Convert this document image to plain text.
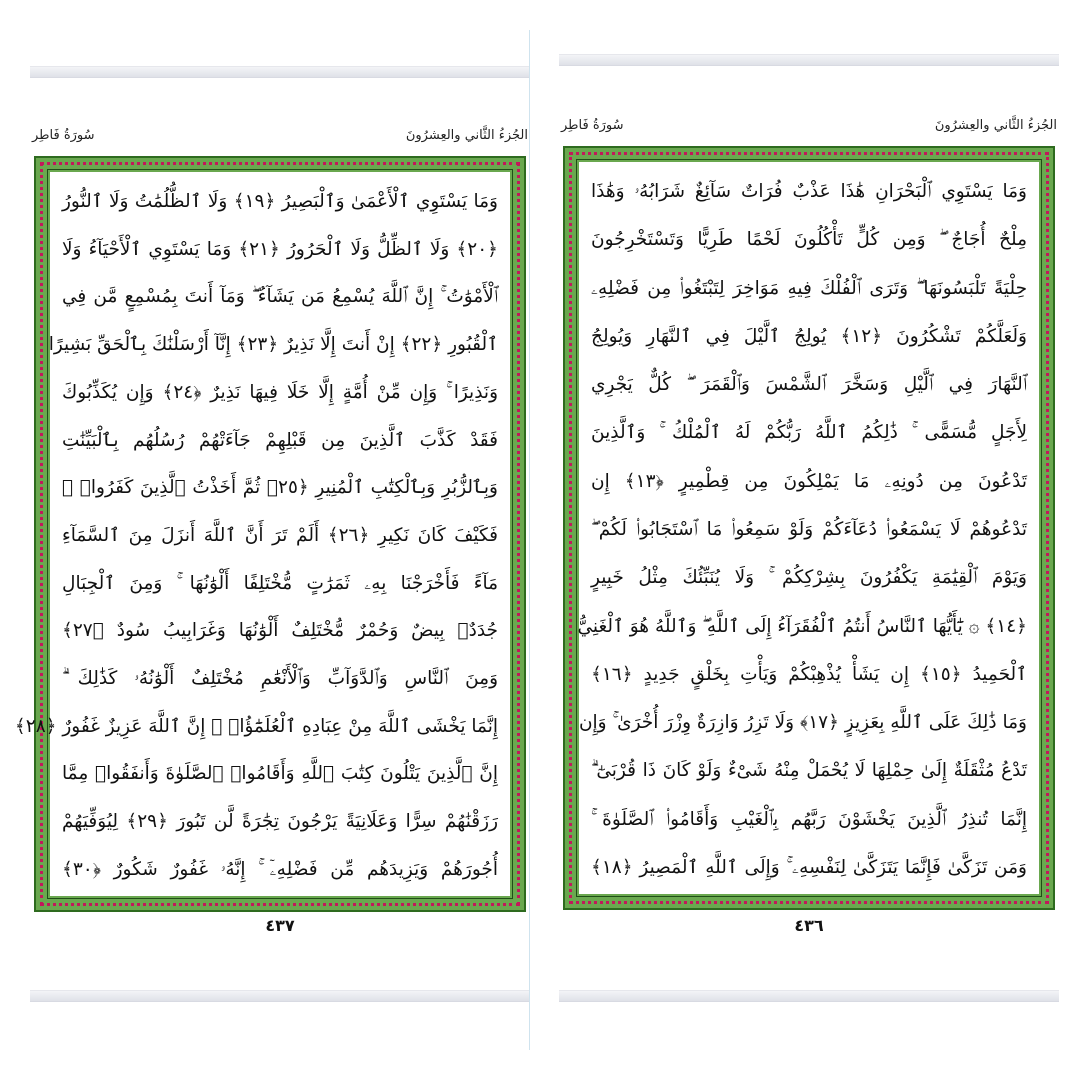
الجُزءُ الثَّاني والعِشرُونَ
سُورَةُ فَاطِر
وَمَا يَسْتَوِي ٱلْأَعْمَىٰ وَٱلْبَصِيرُ ﴿١٩﴾ وَلَا ٱلظُّلُمَٰتُ وَلَا ٱلنُّورُ
﴿٢٠﴾ وَلَا ٱلظِّلُّ وَلَا ٱلْحَرُورُ ﴿٢١﴾ وَمَا يَسْتَوِي ٱلْأَحْيَآءُ وَلَا
ٱلْأَمْوَٰتُ ۚ إِنَّ ٱللَّهَ يُسْمِعُ مَن يَشَآءُ ۖ وَمَآ أَنتَ بِمُسْمِعٍ مَّن فِي
ٱلْقُبُورِ ﴿٢٢﴾ إِنْ أَنتَ إِلَّا نَذِيرٌ ﴿٢٣﴾ إِنَّآ أَرْسَلْنَٰكَ بِٱلْحَقِّ بَشِيرًا
وَنَذِيرًا ۚ وَإِن مِّنْ أُمَّةٍ إِلَّا خَلَا فِيهَا نَذِيرٌ ﴿٢٤﴾ وَإِن يُكَذِّبُوكَ
فَقَدْ كَذَّبَ ٱلَّذِينَ مِن قَبْلِهِمْ جَآءَتْهُمْ رُسُلُهُم بِٱلْبَيِّنَٰتِ
وَبِٱلزُّبُرِ وَبِٱلْكِتَٰبِ ٱلْمُنِيرِ ﴿٢٥﴾ ثُمَّ أَخَذْتُ ٱلَّذِينَ كَفَرُوا۟ ۖ
فَكَيْفَ كَانَ نَكِيرِ ﴿٢٦﴾ أَلَمْ تَرَ أَنَّ ٱللَّهَ أَنزَلَ مِنَ ٱلسَّمَآءِ
مَآءً فَأَخْرَجْنَا بِهِۦ ثَمَرَٰتٍ مُّخْتَلِفًا أَلْوَٰنُهَا ۚ وَمِنَ ٱلْجِبَالِ
جُدَدٌۢ بِيضٌ وَحُمْرٌ مُّخْتَلِفٌ أَلْوَٰنُهَا وَغَرَابِيبُ سُودٌ ﴿٢٧﴾
وَمِنَ ٱلنَّاسِ وَٱلدَّوَآبِّ وَٱلْأَنْعَٰمِ مُخْتَلِفٌ أَلْوَٰنُهُۥ كَذَٰلِكَ ۗ
إِنَّمَا يَخْشَى ٱللَّهَ مِنْ عِبَادِهِ ٱلْعُلَمَٰٓؤُا۟ ۗ إِنَّ ٱللَّهَ عَزِيزٌ غَفُورٌ ﴿٢٨﴾
إِنَّ ٱلَّذِينَ يَتْلُونَ كِتَٰبَ ٱللَّهِ وَأَقَامُوا۟ ٱلصَّلَوٰةَ وَأَنفَقُوا۟ مِمَّا
رَزَقْنَٰهُمْ سِرًّا وَعَلَانِيَةً يَرْجُونَ تِجَٰرَةً لَّن تَبُورَ ﴿٢٩﴾ لِيُوَفِّيَهُمْ
أُجُورَهُمْ وَيَزِيدَهُم مِّن فَضْلِهِۦٓ ۚ إِنَّهُۥ غَفُورٌ شَكُورٌ ﴿٣٠﴾
٤٣٧
الجُزءُ الثَّاني والعِشرُونَ
سُورَةُ فَاطِر
وَمَا يَسْتَوِي ٱلْبَحْرَانِ هَٰذَا عَذْبٌ فُرَاتٌ سَآئِغٌ شَرَابُهُۥ وَهَٰذَا
مِلْحٌ أُجَاجٌ ۖ وَمِن كُلٍّ تَأْكُلُونَ لَحْمًا طَرِيًّا وَتَسْتَخْرِجُونَ
حِلْيَةً تَلْبَسُونَهَا ۖ وَتَرَى ٱلْفُلْكَ فِيهِ مَوَاخِرَ لِتَبْتَغُوا۟ مِن فَضْلِهِۦ
وَلَعَلَّكُمْ تَشْكُرُونَ ﴿١٢﴾ يُولِجُ ٱلَّيْلَ فِي ٱلنَّهَارِ وَيُولِجُ
ٱلنَّهَارَ فِي ٱلَّيْلِ وَسَخَّرَ ٱلشَّمْسَ وَٱلْقَمَرَ ۖ كُلٌّ يَجْرِي
لِأَجَلٍ مُّسَمًّى ۚ ذَٰلِكُمُ ٱللَّهُ رَبُّكُمْ لَهُ ٱلْمُلْكُ ۚ وَٱلَّذِينَ
تَدْعُونَ مِن دُونِهِۦ مَا يَمْلِكُونَ مِن قِطْمِيرٍ ﴿١٣﴾ إِن
تَدْعُوهُمْ لَا يَسْمَعُوا۟ دُعَآءَكُمْ وَلَوْ سَمِعُوا۟ مَا ٱسْتَجَابُوا۟ لَكُمْ ۖ
وَيَوْمَ ٱلْقِيَٰمَةِ يَكْفُرُونَ بِشِرْكِكُمْ ۚ وَلَا يُنَبِّئُكَ مِثْلُ خَبِيرٍ
﴿١٤﴾ ۞ يَٰٓأَيُّهَا ٱلنَّاسُ أَنتُمُ ٱلْفُقَرَآءُ إِلَى ٱللَّهِ ۖ وَٱللَّهُ هُوَ ٱلْغَنِيُّ
ٱلْحَمِيدُ ﴿١٥﴾ إِن يَشَأْ يُذْهِبْكُمْ وَيَأْتِ بِخَلْقٍ جَدِيدٍ ﴿١٦﴾
وَمَا ذَٰلِكَ عَلَى ٱللَّهِ بِعَزِيزٍ ﴿١٧﴾ وَلَا تَزِرُ وَازِرَةٌ وِزْرَ أُخْرَىٰ ۚ وَإِن
تَدْعُ مُثْقَلَةٌ إِلَىٰ حِمْلِهَا لَا يُحْمَلْ مِنْهُ شَىْءٌ وَلَوْ كَانَ ذَا قُرْبَىٰٓ ۗ
إِنَّمَا تُنذِرُ ٱلَّذِينَ يَخْشَوْنَ رَبَّهُم بِٱلْغَيْبِ وَأَقَامُوا۟ ٱلصَّلَوٰةَ ۚ
وَمَن تَزَكَّىٰ فَإِنَّمَا يَتَزَكَّىٰ لِنَفْسِهِۦ ۚ وَإِلَى ٱللَّهِ ٱلْمَصِيرُ ﴿١٨﴾
٤٣٦
